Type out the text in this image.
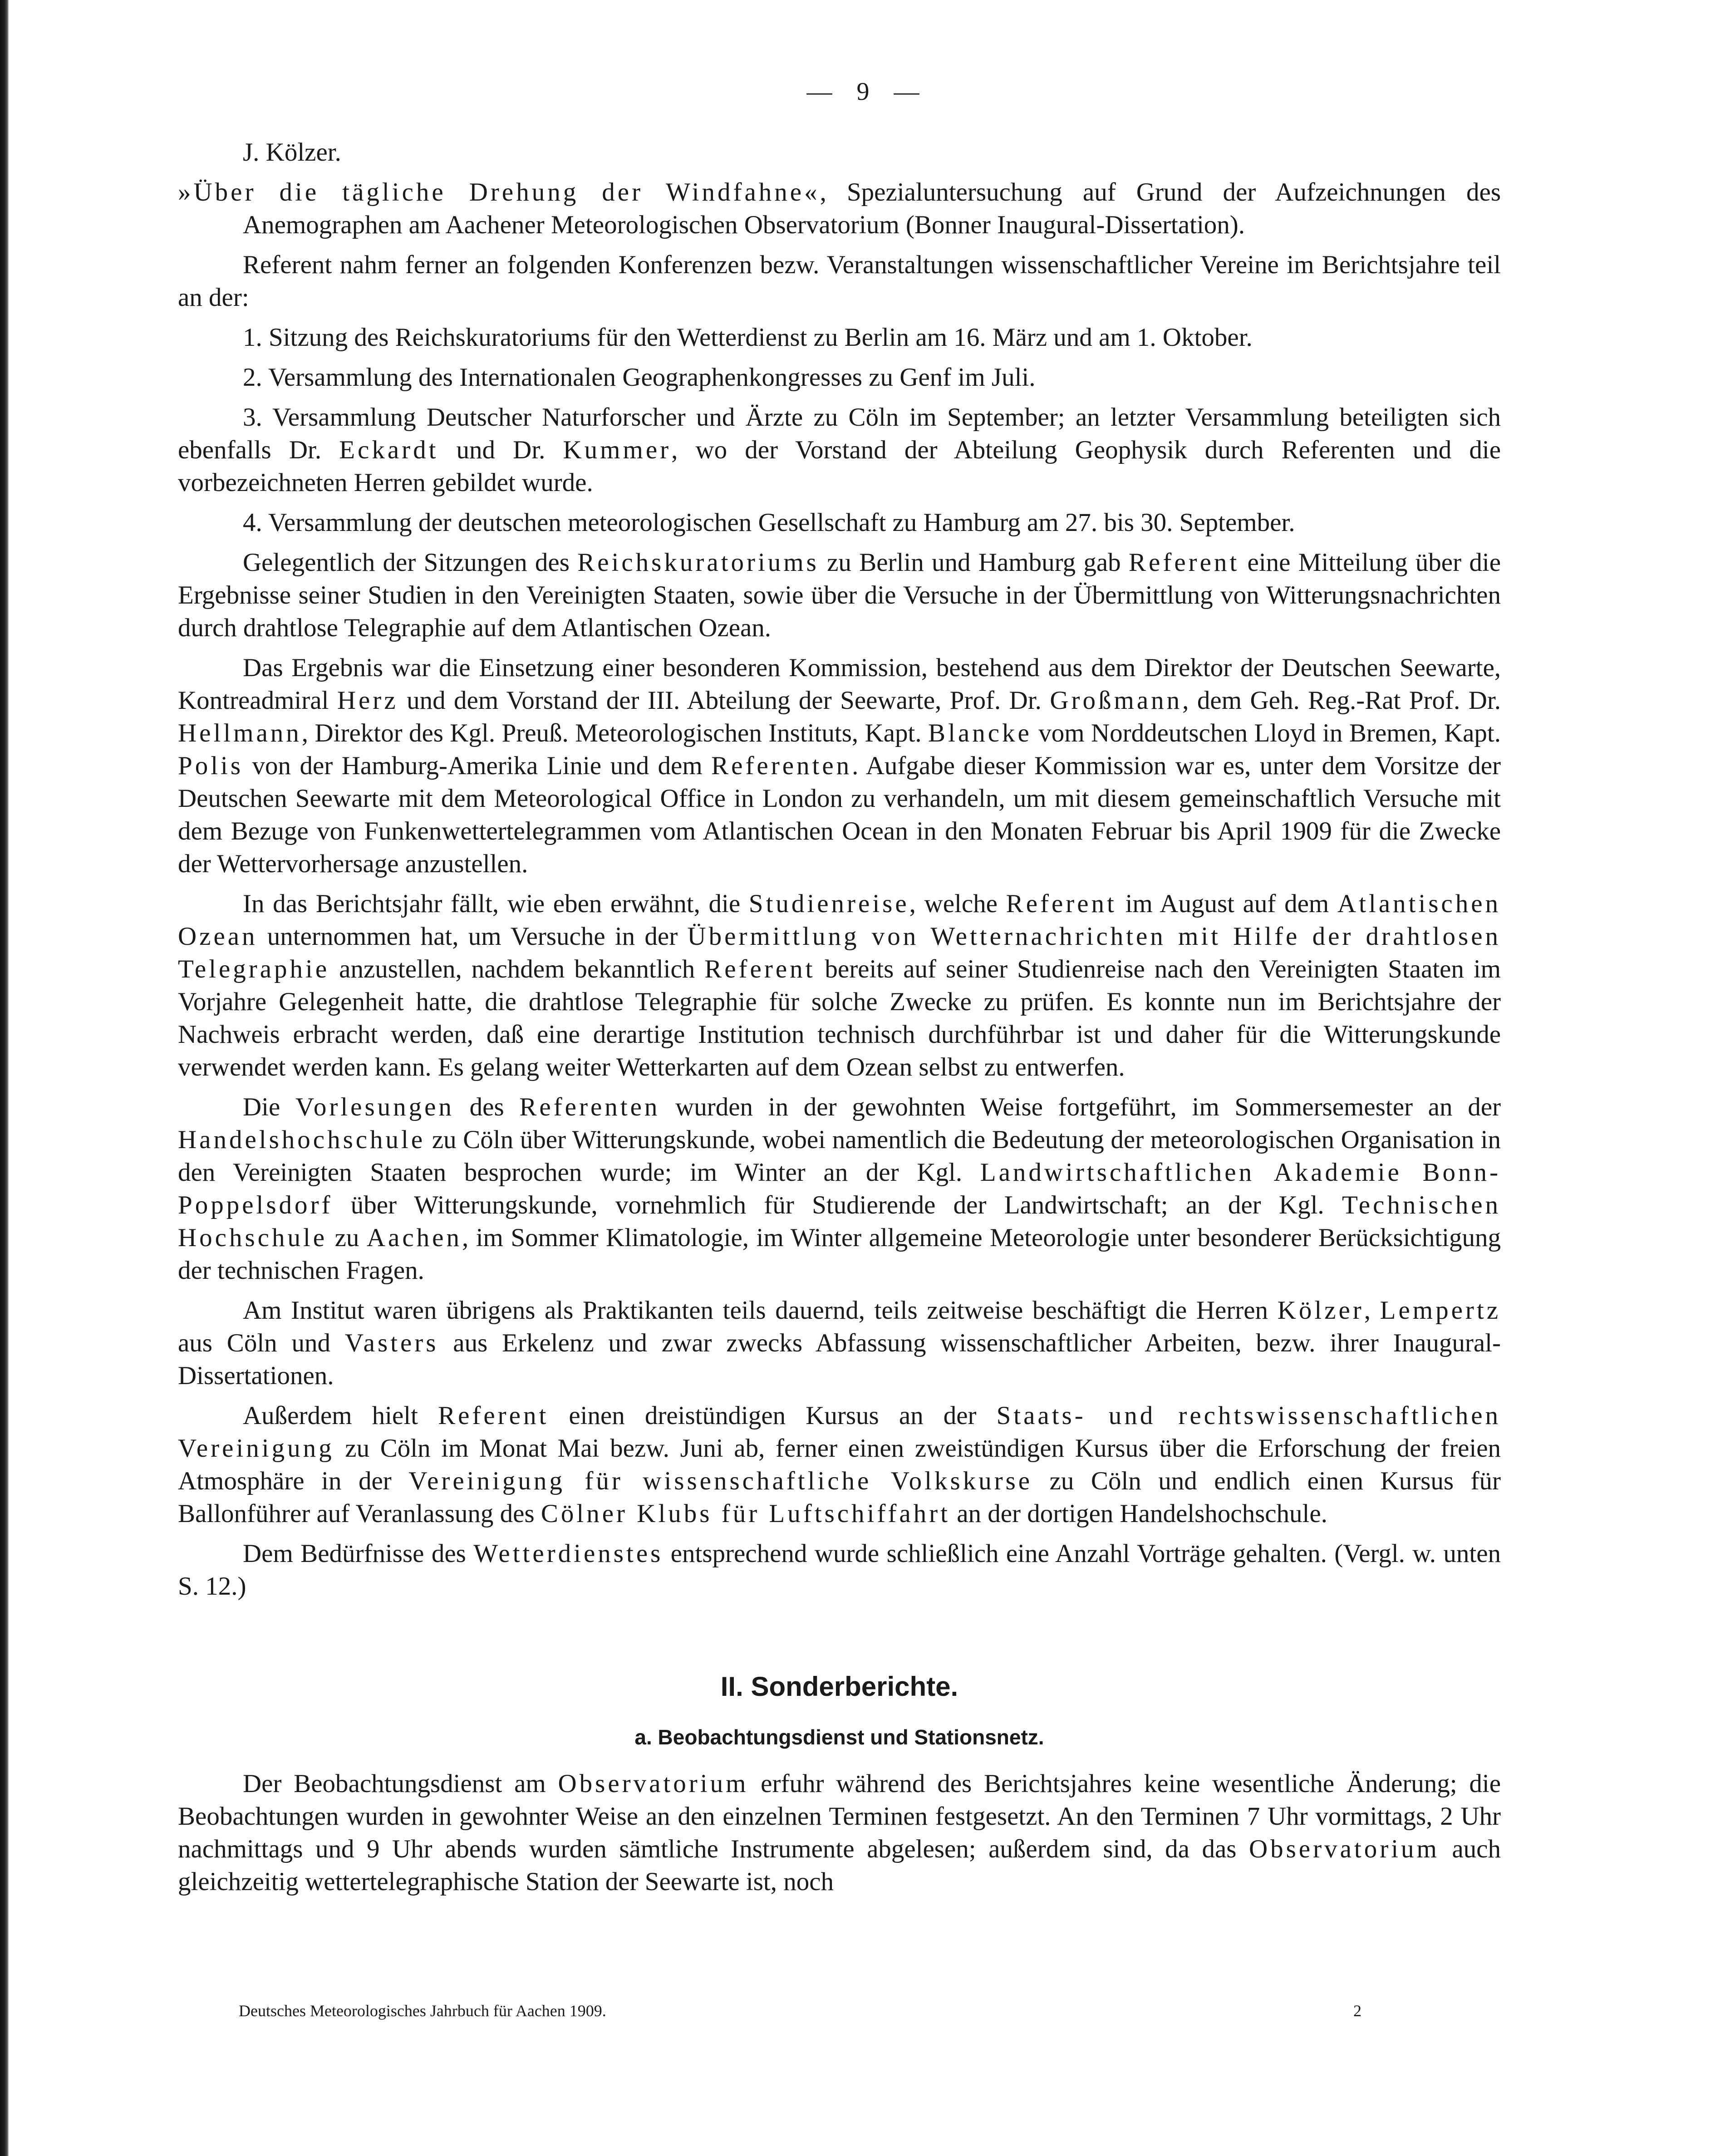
— 9 —

J. Kölzer.

»Über die tägliche Drehung der Windfahne«, Spezialuntersuchung auf Grund der Aufzeichnungen des Anemographen am Aachener Meteorologischen Observatorium (Bonner Inaugural-Dissertation).

Referent nahm ferner an folgenden Konferenzen bezw. Veranstaltungen wissenschaftlicher Vereine im Berichtsjahre teil an der:

1. Sitzung des Reichskuratoriums für den Wetterdienst zu Berlin am 16. März und am 1. Oktober.

2. Versammlung des Internationalen Geographenkongresses zu Genf im Juli.

3. Versammlung Deutscher Naturforscher und Ärzte zu Cöln im September; an letzter Versammlung beteiligten sich ebenfalls Dr. Eckardt und Dr. Kummer, wo der Vorstand der Abteilung Geophysik durch Referenten und die vorbezeichneten Herren gebildet wurde.

4. Versammlung der deutschen meteorologischen Gesellschaft zu Hamburg am 27. bis 30. September.

Gelegentlich der Sitzungen des Reichskuratoriums zu Berlin und Hamburg gab Referent eine Mitteilung über die Ergebnisse seiner Studien in den Vereinigten Staaten, sowie über die Versuche in der Übermittlung von Witterungsnachrichten durch drahtlose Telegraphie auf dem Atlantischen Ozean.

Das Ergebnis war die Einsetzung einer besonderen Kommission, bestehend aus dem Direktor der Deutschen Seewarte, Kontreadmiral Herz und dem Vorstand der III. Abteilung der Seewarte, Prof. Dr. Großmann, dem Geh. Reg.-Rat Prof. Dr. Hellmann, Direktor des Kgl. Preuß. Meteorologischen Instituts, Kapt. Blancke vom Norddeutschen Lloyd in Bremen, Kapt. Polis von der Hamburg-Amerika Linie und dem Referenten. Aufgabe dieser Kommission war es, unter dem Vorsitze der Deutschen Seewarte mit dem Meteorological Office in London zu verhandeln, um mit diesem gemeinschaftlich Versuche mit dem Bezuge von Funkenwettertelegrammen vom Atlantischen Ocean in den Monaten Februar bis April 1909 für die Zwecke der Wettervorhersage anzustellen.

In das Berichtsjahr fällt, wie eben erwähnt, die Studienreise, welche Referent im August auf dem Atlantischen Ozean unternommen hat, um Versuche in der Übermittlung von Wetternachrichten mit Hilfe der drahtlosen Telegraphie anzustellen, nachdem bekanntlich Referent bereits auf seiner Studienreise nach den Vereinigten Staaten im Vorjahre Gelegenheit hatte, die drahtlose Telegraphie für solche Zwecke zu prüfen. Es konnte nun im Berichtsjahre der Nachweis erbracht werden, daß eine derartige Institution technisch durchführbar ist und daher für die Witterungskunde verwendet werden kann. Es gelang weiter Wetterkarten auf dem Ozean selbst zu entwerfen.

Die Vorlesungen des Referenten wurden in der gewohnten Weise fortgeführt, im Sommersemester an der Handelshochschule zu Cöln über Witterungskunde, wobei namentlich die Bedeutung der meteorologischen Organisation in den Vereinigten Staaten besprochen wurde; im Winter an der Kgl. Landwirtschaftlichen Akademie Bonn-Poppelsdorf über Witterungskunde, vornehmlich für Studierende der Landwirtschaft; an der Kgl. Technischen Hochschule zu Aachen, im Sommer Klimatologie, im Winter allgemeine Meteorologie unter besonderer Berücksichtigung der technischen Fragen.

Am Institut waren übrigens als Praktikanten teils dauernd, teils zeitweise beschäftigt die Herren Kölzer, Lempertz aus Cöln und Vasters aus Erkelenz und zwar zwecks Abfassung wissenschaftlicher Arbeiten, bezw. ihrer Inaugural-Dissertationen.

Außerdem hielt Referent einen dreistündigen Kursus an der Staats- und rechtswissenschaftlichen Vereinigung zu Cöln im Monat Mai bezw. Juni ab, ferner einen zweistündigen Kursus über die Erforschung der freien Atmosphäre in der Vereinigung für wissenschaftliche Volkskurse zu Cöln und endlich einen Kursus für Ballonführer auf Veranlassung des Cölner Klubs für Luftschiffahrt an der dortigen Handelshochschule.

Dem Bedürfnisse des Wetterdienstes entsprechend wurde schließlich eine Anzahl Vorträge gehalten. (Vergl. w. unten S. 12.)

II. Sonderberichte.
a. Beobachtungsdienst und Stationsnetz.

Der Beobachtungsdienst am Observatorium erfuhr während des Berichtsjahres keine wesentliche Änderung; die Beobachtungen wurden in gewohnter Weise an den einzelnen Terminen festgesetzt. An den Terminen 7 Uhr vormittags, 2 Uhr nachmittags und 9 Uhr abends wurden sämtliche Instrumente abgelesen; außerdem sind, da das Observatorium auch gleichzeitig wettertelegraphische Station der Seewarte ist, noch

Deutsches Meteorologisches Jahrbuch für Aachen 1909.	2
